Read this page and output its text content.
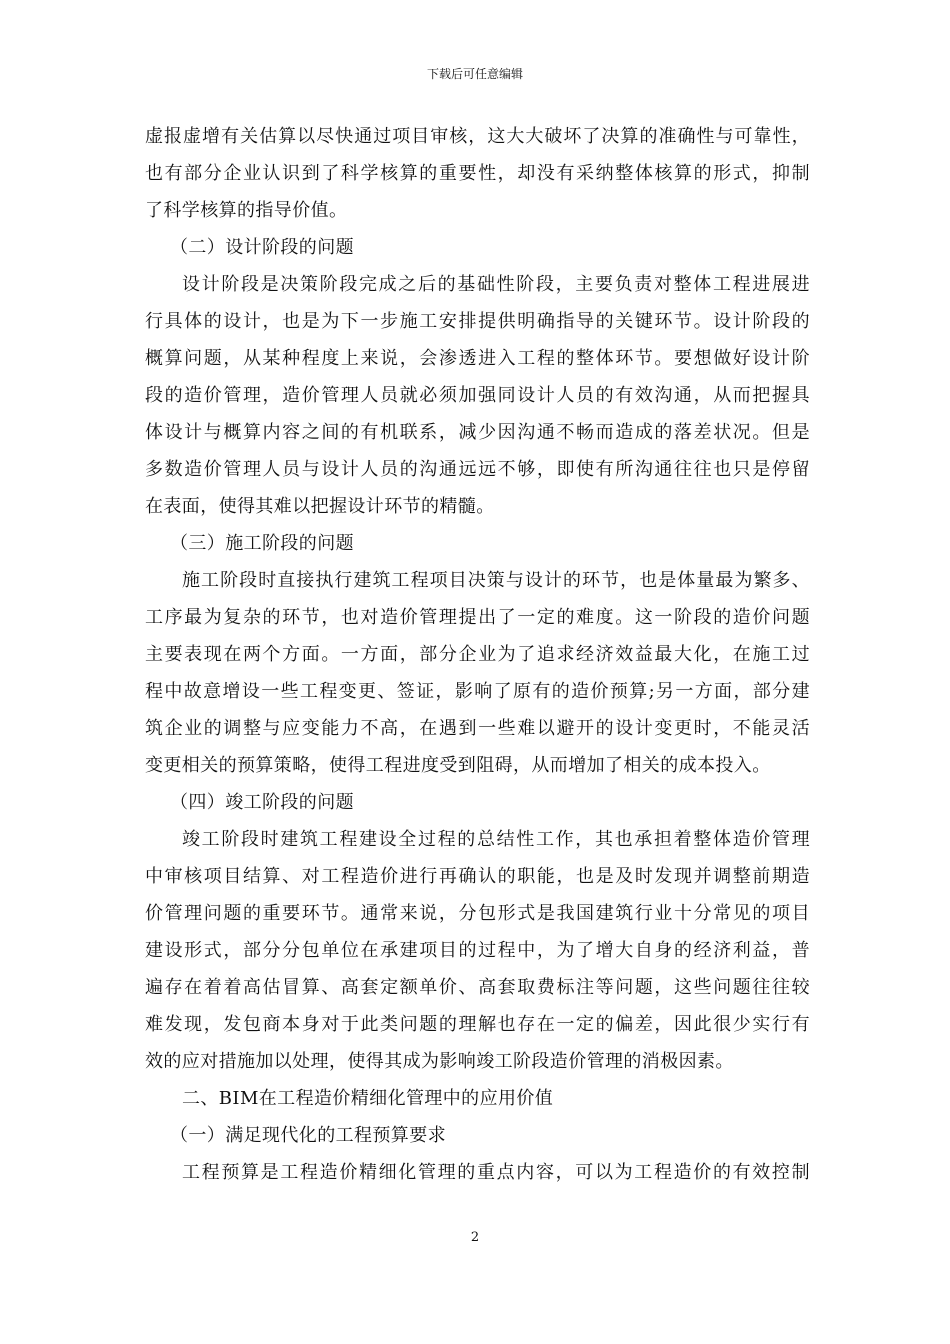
下载后可任意编辑
虚报虚增有关估算以尽快通过项目审核，这大大破坏了决算的准确性与可靠性，
也有部分企业认识到了科学核算的重要性，却没有采纳整体核算的形式，抑制
了科学核算的指导价值。
（二）设计阶段的问题
设计阶段是决策阶段完成之后的基础性阶段，主要负责对整体工程进展进
行具体的设计，也是为下一步施工安排提供明确指导的关键环节。设计阶段的
概算问题，从某种程度上来说，会渗透进入工程的整体环节。要想做好设计阶
段的造价管理，造价管理人员就必须加强同设计人员的有效沟通，从而把握具
体设计与概算内容之间的有机联系，减少因沟通不畅而造成的落差状况。但是
多数造价管理人员与设计人员的沟通远远不够，即使有所沟通往往也只是停留
在表面，使得其难以把握设计环节的精髓。
（三）施工阶段的问题
施工阶段时直接执行建筑工程项目决策与设计的环节，也是体量最为繁多、
工序最为复杂的环节，也对造价管理提出了一定的难度。这一阶段的造价问题
主要表现在两个方面。一方面，部分企业为了追求经济效益最大化，在施工过
程中故意增设一些工程变更、签证，影响了原有的造价预算;另一方面，部分建
筑企业的调整与应变能力不高，在遇到一些难以避开的设计变更时，不能灵活
变更相关的预算策略，使得工程进度受到阻碍，从而增加了相关的成本投入。
（四）竣工阶段的问题
竣工阶段时建筑工程建设全过程的总结性工作，其也承担着整体造价管理
中审核项目结算、对工程造价进行再确认的职能，也是及时发现并调整前期造
价管理问题的重要环节。通常来说，分包形式是我国建筑行业十分常见的项目
建设形式，部分分包单位在承建项目的过程中，为了增大自身的经济利益，普
遍存在着着高估冒算、高套定额单价、高套取费标注等问题，这些问题往往较
难发现，发包商本身对于此类问题的理解也存在一定的偏差，因此很少实行有
效的应对措施加以处理，使得其成为影响竣工阶段造价管理的消极因素。
二、BIM在工程造价精细化管理中的应用价值
（一）满足现代化的工程预算要求
工程预算是工程造价精细化管理的重点内容，可以为工程造价的有效控制
2
